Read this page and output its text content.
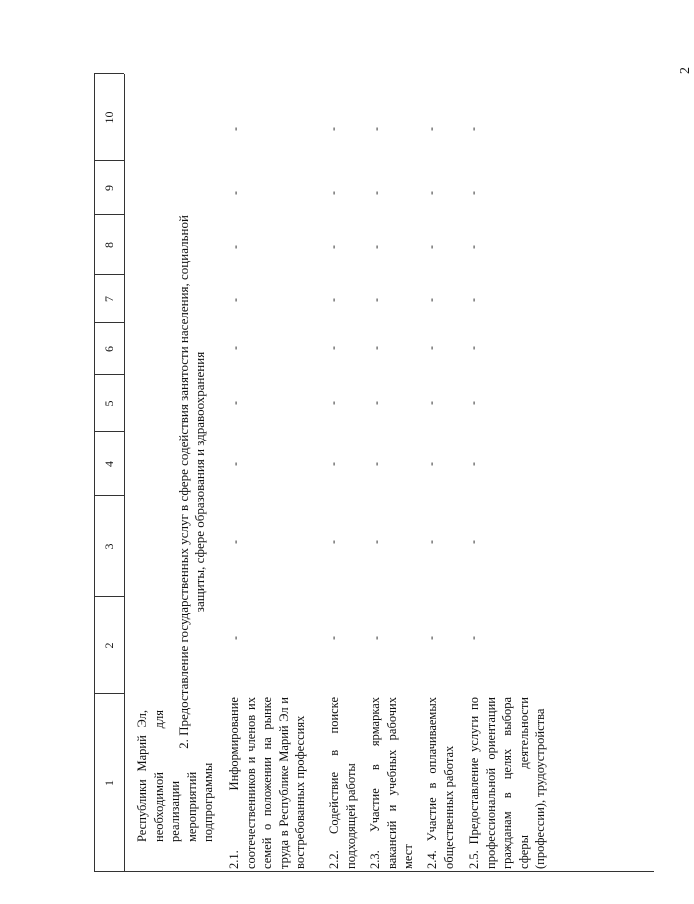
2
1
2
3
4
5
6
7
8
9
10
Республики Марий Эл, необходимой для реализации мероприятий подпрограммы
2. Предоставление государственных услуг в сфере содействия занятости населения, социальной защиты, сфере образования и здравоохранения
2.1. Информирование соотечественников и членов их семей о положении на рынке труда в Республике Марий Эл и востребованных профессиях
-
-
-
-
-
-
-
-
-
2.2. Содействие в поиске подходящей работы
-
-
-
-
-
-
-
-
-
2.3. Участие в ярмарках вакансий и учебных рабочих мест
-
-
-
-
-
-
-
-
-
2.4. Участие в оплачиваемых общественных работах
-
-
-
-
-
-
-
-
-
2.5. Предоставление услуги по профессиональной ориентации гражданам в целях выбора сферы деятельности (профессии), трудоустройства
-
-
-
-
-
-
-
-
-
